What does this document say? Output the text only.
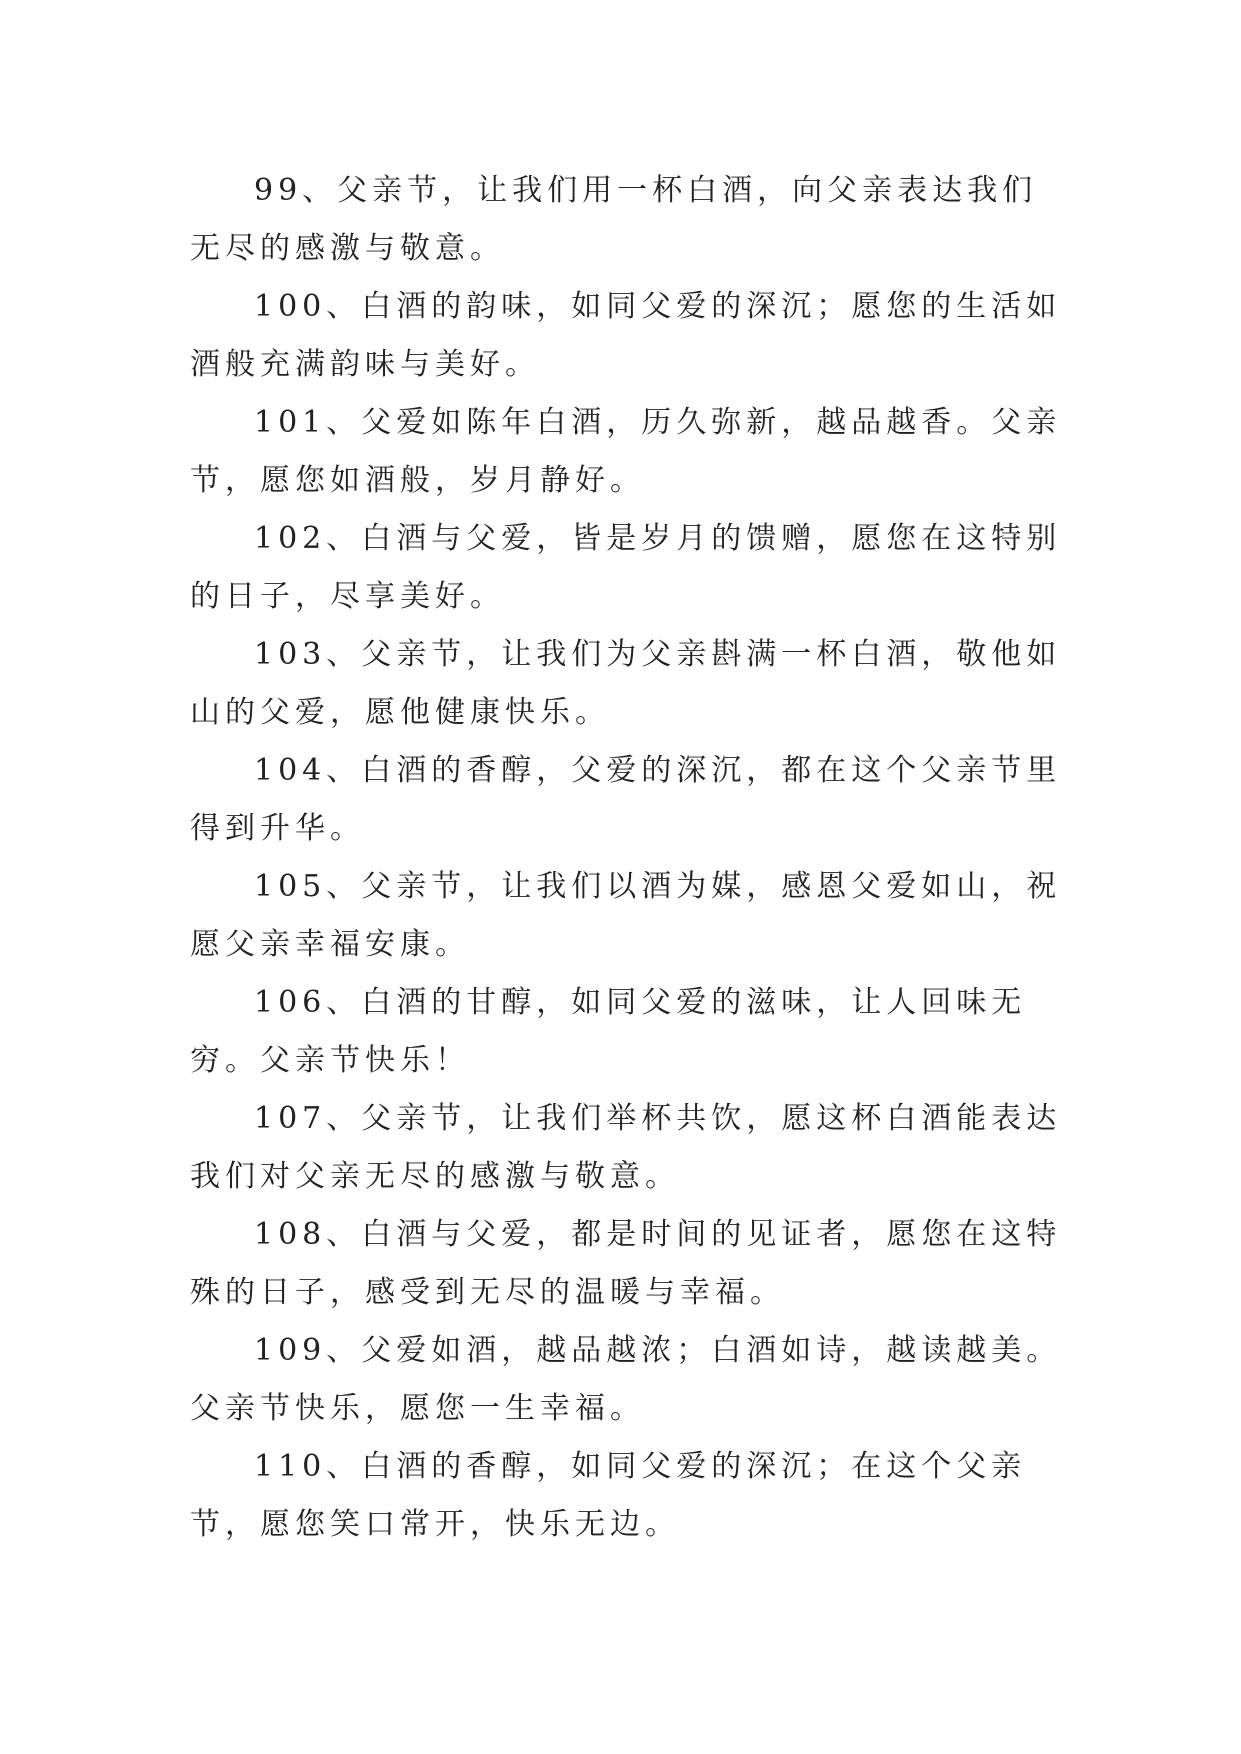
99、父亲节，让我们用一杯白酒，向父亲表达我们无尽的感激与敬意。

100、白酒的韵味，如同父爱的深沉；愿您的生活如酒般充满韵味与美好。

101、父爱如陈年白酒，历久弥新，越品越香。父亲节，愿您如酒般，岁月静好。

102、白酒与父爱，皆是岁月的馈赠，愿您在这特别的日子，尽享美好。

103、父亲节，让我们为父亲斟满一杯白酒，敬他如山的父爱，愿他健康快乐。

104、白酒的香醇，父爱的深沉，都在这个父亲节里得到升华。

105、父亲节，让我们以酒为媒，感恩父爱如山，祝愿父亲幸福安康。

106、白酒的甘醇，如同父爱的滋味，让人回味无穷。父亲节快乐！

107、父亲节，让我们举杯共饮，愿这杯白酒能表达我们对父亲无尽的感激与敬意。

108、白酒与父爱，都是时间的见证者，愿您在这特殊的日子，感受到无尽的温暖与幸福。

109、父爱如酒，越品越浓；白酒如诗，越读越美。父亲节快乐，愿您一生幸福。

110、白酒的香醇，如同父爱的深沉；在这个父亲节，愿您笑口常开，快乐无边。
